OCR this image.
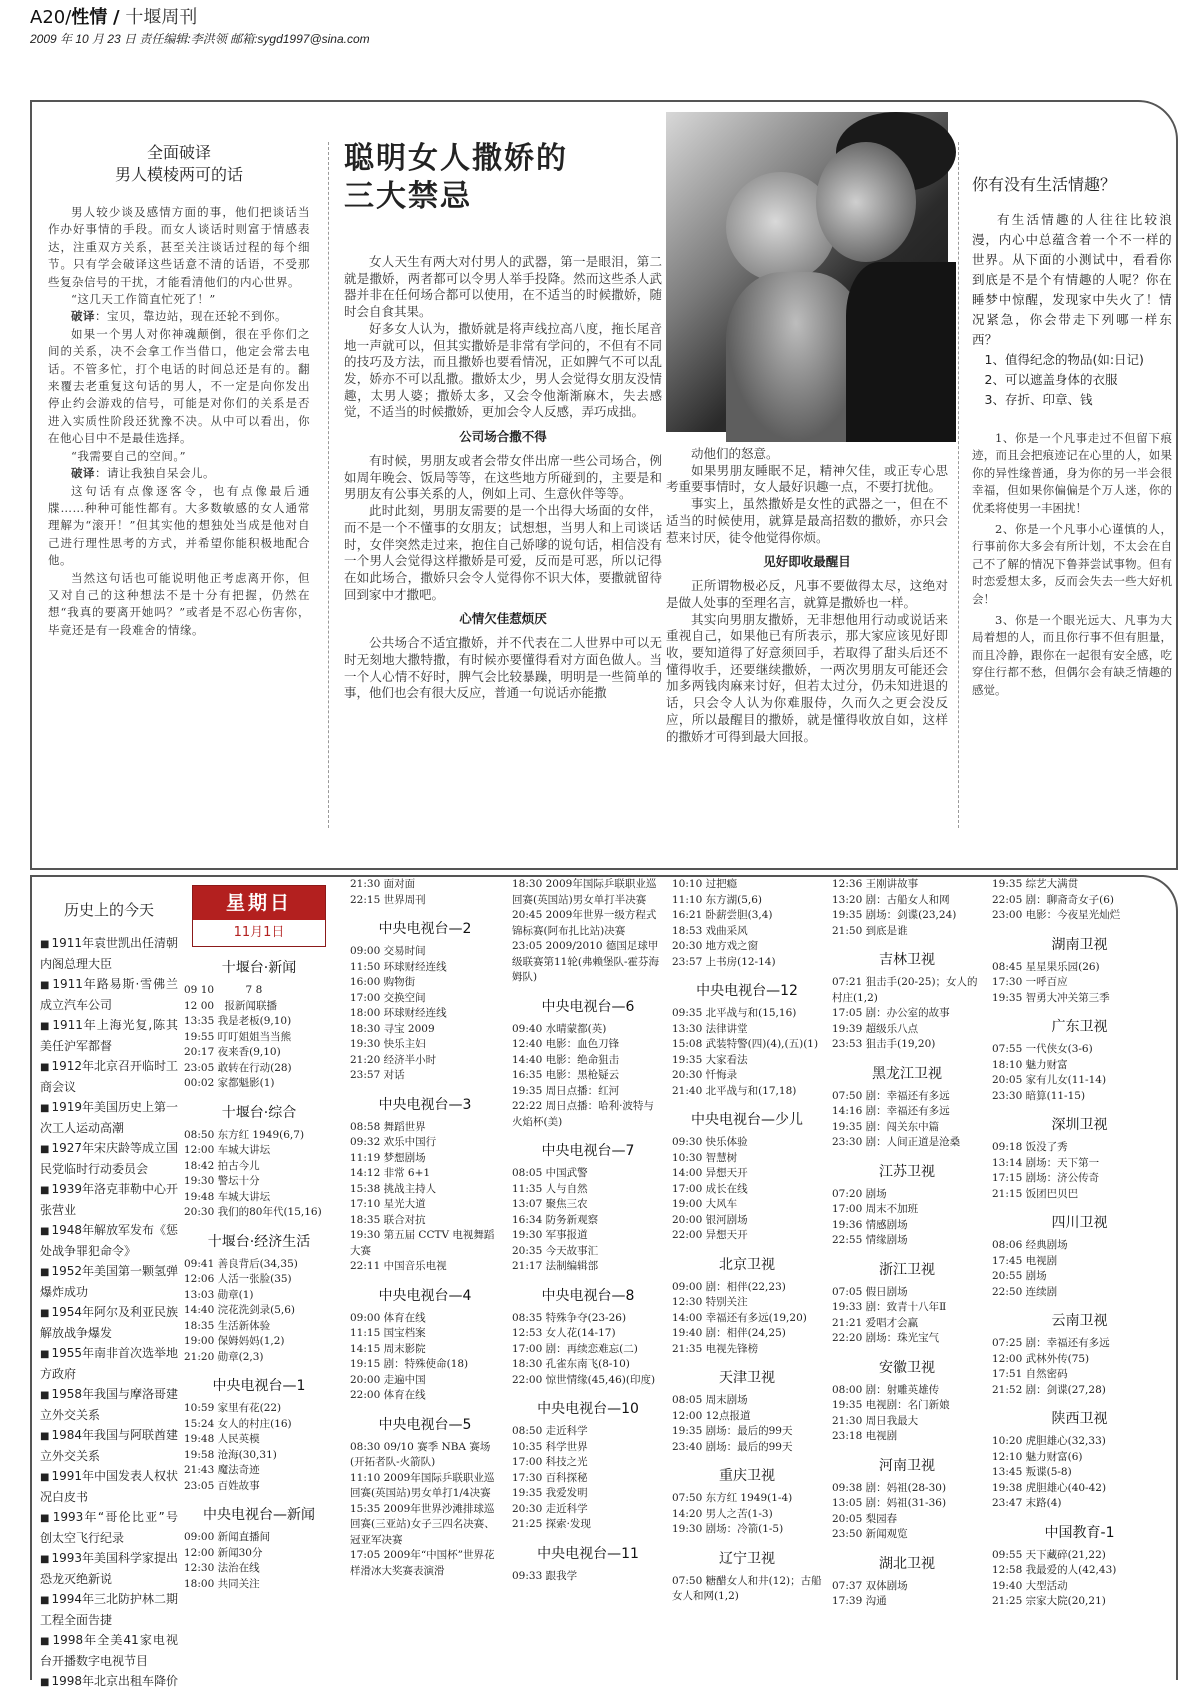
A20/性情 / 十堰周刊
2009 年 10 月 23 日 责任编辑:李洪领 邮箱:sygd1997@sina.com
全面破译
男人模棱两可的话

男人较少谈及感情方面的事，他们把谈话当作办好事情的手段。而女人谈话时则富于情感表达，注重双方关系，甚至关注谈话过程的每个细节。只有学会破译这些话意不清的话语，不受那些复杂信号的干扰，才能看清他们的内心世界。

“这几天工作简直忙死了！”

破译：宝贝，靠边站，现在还轮不到你。

如果一个男人对你神魂颠倒，很在乎你们之间的关系，决不会拿工作当借口，他定会常去电话。不管多忙，打个电话的时间总还是有的。翻来覆去老重复这句话的男人，不一定是向你发出停止约会游戏的信号，可能是对你们的关系是否进入实质性阶段还犹豫不决。从中可以看出，你在他心目中不是最佳选择。

“我需要自己的空间。”

破译：请让我独自呆会儿。

这句话有点像逐客令，也有点像最后通牒……种种可能性都有。大多数敏感的女人通常理解为“滚开！”但其实他的想独处当成是他对自己进行理性思考的方式，并希望你能积极地配合他。

当然这句话也可能说明他正考虑离开你，但又对自己的这种想法不是十分有把握，仍然在想“我真的要离开她吗？”或者是不忍心伤害你，毕竟还是有一段难舍的情缘。

聪明女人撒娇的
三大禁忌

女人天生有两大对付男人的武器，第一是眼泪，第二就是撒娇，两者都可以令男人举手投降。然而这些杀人武器并非在任何场合都可以使用，在不适当的时候撒娇，随时会自食其果。

好多女人认为，撒娇就是将声线拉高八度，拖长尾音地一声就可以，但其实撒娇是非常有学问的，不但有不同的技巧及方法，而且撒娇也要看情况，正如脾气不可以乱发，娇亦不可以乱撒。撒娇太少，男人会觉得女朋友没情趣，太男人婆；撒娇太多，又会令他渐渐麻木，失去感觉，不适当的时候撒娇，更加会令人反感，弄巧成拙。

公司场合撒不得

有时候，男朋友或者会带女伴出席一些公司场合，例如周年晚会、饭局等等，在这些地方所碰到的，主要是和男朋友有公事关系的人，例如上司、生意伙伴等等。

此时此刻，男朋友需要的是一个出得大场面的女伴，而不是一个不懂事的女朋友；试想想，当男人和上司谈话时，女伴突然走过来，抱住自己娇嗲的说句话，相信没有一个男人会觉得这样撒娇是可爱，反而是可恶，所以记得在如此场合，撒娇只会令人觉得你不识大体，要撒就留待回到家中才撒吧。

心情欠佳惹烦厌

公共场合不适宜撒娇，并不代表在二人世界中可以无时无刻地大撒特撒，有时候亦要懂得看对方面色做人。当一个人心情不好时，脾气会比较暴躁，明明是一些简单的事，他们也会有很大反应，普通一句说话亦能撒

动他们的怒意。

如果男朋友睡眠不足，精神欠佳，或正专心思考重要事情时，女人最好识趣一点，不要打扰他。

事实上，虽然撒娇是女性的武器之一，但在不适当的时候使用，就算是最高招数的撒娇，亦只会惹来讨厌，徒令他觉得你烦。

见好即收最醒目

正所谓物极必反，凡事不要做得太尽，这绝对是做人处事的至理名言，就算是撒娇也一样。

其实向男朋友撒娇，无非想他用行动或说话来重视自己，如果他已有所表示，那大家应该见好即收，要知道得了好意须回手，若取得了甜头后还不懂得收手，还要继续撒娇，一两次男朋友可能还会加多两钱肉麻来讨好，但若太过分，仍未知进退的话，只会令人认为你难服侍，久而久之更会没反应，所以最醒目的撒娇，就是懂得收放自如，这样的撒娇才可得到最大回报。

你有没有生活情趣？
有生活情趣的人往往比较浪漫，内心中总蕴含着一个不一样的世界。从下面的小测试中，看看你到底是不是个有情趣的人呢？你在睡梦中惊醒，发现家中失火了！情况紧急，你会带走下列哪一样东西？
1、值得纪念的物品(如:日记)
2、可以遮盖身体的衣服
3、存折、印章、钱

1、你是一个凡事走过不但留下痕迹，而且会把痕迹记在心里的人，如果你的异性缘普通，身为你的另一半会很幸福，但如果你偏偏是个万人迷，你的优柔将使男一丰困扰！

2、你是一个凡事小心谨慎的人，行事前你大多会有所计划，不太会在自己不了解的情况下鲁莽尝试事物。但有时恋爱想太多，反而会失去一些大好机会！

3、你是一个眼光远大、凡事为大局着想的人，而且你行事不但有胆量，而且冷静，跟你在一起很有安全感，吃穿住行都不愁，但偶尔会有缺乏情趣的感觉。

历史上的今天
■ 1911年袁世凯出任清朝内阁总理大臣
■ 1911年路易斯·雪佛兰成立汽车公司
■ 1911年上海光复,陈其美任沪军都督
■ 1912年北京召开临时工商会议
■ 1919年美国历史上第一次工人运动高潮
■ 1927年宋庆龄等成立国民党临时行动委员会
■ 1939年洛克菲勒中心开张营业
■ 1948年解放军发布《惩处战争罪犯命令》
■ 1952年美国第一颗氢弹爆炸成功
■ 1954年阿尔及利亚民族解放战争爆发
■ 1955年南非首次选举地方政府
■ 1958年我国与摩洛哥建立外交关系
■ 1984年我国与阿联酋建立外交关系
■ 1991年中国发表人权状况白皮书
■ 1993年“哥伦比亚”号创太空飞行纪录
■ 1993年美国科学家提出恐龙灭绝新说
■ 1994年三北防护林二期工程全面告捷
■ 1998年全美41家电视台开播数字电视节目
■ 1998年北京出租车降价
星期日
11月1日
十堰台·新闻
09 10　　　7 8
12 00　报新闻联播
13:35 我是老板(9,10)
19:55 叮叮姐姐当当熊
20:17 夜来香(9,10)
23:05 敢转在行动(28)
00:02 家都魁影(1)
十堰台·综合
08:50 东方红 1949(6,7)
12:00 车城大讲坛
18:42 拍古今儿
19:30 警坛十分
19:48 车城大讲坛
20:30 我们的80年代(15,16)
十堰台·经济生活
09:41 善良背后(34,35)
12:06 人活一张脸(35)
13:03 勋章(1)
14:40 浣花洗剑录(5,6)
18:35 生活新体验
19:00 保姆妈妈(1,2)
21:20 勋章(2,3)
中央电视台—1
10:59 家里有花(22)
15:24 女人的村庄(16)
19:48 人民英模
19:58 沧海(30,31)
21:43 魔法奇迹
23:05 百姓故事
中央电视台—新闻
09:00 新闻直播间
12:00 新闻30分
12:30 法治在线
18:00 共同关注
21:30 面对面
22:15 世界周刊
中央电视台—2
09:00 交易时间
11:50 环球财经连线
16:00 购物街
17:00 交换空间
18:00 环球财经连线
18:30 寻宝 2009
19:30 快乐主妇
21:20 经济半小时
23:57 对话
中央电视台—3
08:58 舞蹈世界
09:32 欢乐中国行
11:19 梦想剧场
14:12 非常 6+1
15:38 挑战主持人
17:10 星光大道
18:35 联合对抗
19:30 第五届 CCTV 电视舞蹈大赛
22:11 中国音乐电视
中央电视台—4
09:00 体育在线
11:15 国宝档案
14:15 周末影院
19:15 剧：特殊使命(18)
20:00 走遍中国
22:00 体育在线
中央电视台—5
08:30 09/10 赛季 NBA 赛场(开拓者队-火箭队)
11:10 2009年国际乒联职业巡回赛(英国站)男女单打1/4决赛
15:35 2009年世界沙滩排球巡回赛(三亚站)女子三四名决赛、冠亚军决赛
17:05 2009年“中国杯”世界花样滑冰大奖赛表演滑
18:30 2009年国际乒联职业巡回赛(英国站)男女单打半决赛
20:45 2009年世界一级方程式锦标赛(阿布扎比站)决赛
23:05 2009/2010 德国足球甲级联赛第11轮(弗赖堡队-霍芬海姆队)
中央电视台—6
09:40 水晴蒙都(英)
12:40 电影：血色刀锋
14:40 电影：绝命狙击
16:35 电影：黑枪疑云
19:35 周日点播：红河
22:22 周日点播：哈利·波特与火焰杯(美)
中央电视台—7
08:05 中国武警
11:35 人与自然
13:07 聚焦三农
16:34 防务新观察
19:30 军事报道
20:35 今天故事汇
21:17 法制编辑部
中央电视台—8
08:35 特殊争夺(23-26)
12:53 女人花(14-17)
17:00 剧：再续恋难忘(二)
18:30 孔雀东南飞(8-10)
22:00 惊世情缘(45,46)(印度)
中央电视台—10
08:50 走近科学
10:35 科学世界
17:00 科技之光
17:30 百科探秘
19:35 我爱发明
20:30 走近科学
21:25 探索·发现
中央电视台—11
09:33 跟我学
10:10 过把瘾
11:10 东方湖(5,6)
16:21 卧薪尝胆(3,4)
18:53 戏曲采风
20:30 地方戏之窗
23:57 上书房(12-14)
中央电视台—12
09:35 北平战与和(15,16)
13:30 法律讲堂
15:08 武装特警(四)(4),(五)(1)
19:35 大家看法
20:30 忏悔录
21:40 北平战与和(17,18)
中央电视台—少儿
09:30 快乐体验
10:30 智慧树
14:00 异想天开
17:00 成长在线
19:00 大风车
20:00 银河剧场
22:00 异想天开
北京卫视
09:00 剧：相伴(22,23)
12:30 特别关注
14:00 幸福还有多远(19,20)
19:40 剧：相伴(24,25)
21:35 电视先锋榜
天津卫视
08:05 周末剧场
12:00 12点报道
19:35 剧场：最后的99天
23:40 剧场：最后的99天
重庆卫视
07:50 东方红 1949(1-4)
14:20 男人之苦(1-3)
19:30 剧场：冷箭(1-5)
辽宁卫视
07:50 糖醋女人和井(12)；古船女人和网(1,2)
12:36 王刚讲故事
13:20 剧：古船女人和网
19:35 剧场：剑谍(23,24)
21:50 到底是谁
吉林卫视
07:21 狙击手(20-25)；女人的村庄(1,2)
17:05 剧：办公室的故事
19:39 超级乐八点
23:53 狙击手(19,20)
黑龙江卫视
07:50 剧：幸福还有多远
14:16 剧：幸福还有多远
19:35 剧：闯关东中篇
23:30 剧：人间正道是沧桑
江苏卫视
07:20 剧场
17:00 周末不加班
19:36 情感剧场
22:55 情缘剧场
浙江卫视
07:05 假日剧场
19:33 剧：致青十八年Ⅱ
21:21 爱唱才会赢
22:20 剧场：珠光宝气
安徽卫视
08:00 剧：射雕英雄传
19:35 电视剧：名门新娘
21:30 周日我最大
23:18 电视剧
河南卫视
09:38 剧：妈祖(28-30)
13:05 剧：妈祖(31-36)
20:05 梨园春
23:50 新闻观览
湖北卫视
07:37 双体剧场
17:39 沟通
19:35 综艺大满贯
22:05 剧：聊斋奇女子(6)
23:00 电影：今夜星光灿烂
湖南卫视
08:45 星星果乐园(26)
17:30 一呼百应
19:35 智勇大冲关第三季
广东卫视
07:55 一代侠女(3-6)
18:10 魅力财富
20:05 家有儿女(11-14)
23:30 暗算(11-15)
深圳卫视
09:18 饭没了秀
13:14 剧场：天下第一
17:15 剧场：济公传奇
21:15 饭团巴贝巴
四川卫视
08:06 经典剧场
17:45 电视剧
20:55 剧场
22:50 连续剧
云南卫视
07:25 剧：幸福还有多远
12:00 武林外传(75)
17:51 自然密码
21:52 剧：剑谍(27,28)
陕西卫视
10:20 虎胆雄心(32,33)
12:10 魅力财富(6)
13:45 叛谍(5-8)
19:38 虎胆雄心(40-42)
23:47 末路(4)
中国教育-1
09:55 天下藏碎(21,22)
12:58 我最爱的人(42,43)
19:40 大型活动
21:25 宗家大院(20,21)
